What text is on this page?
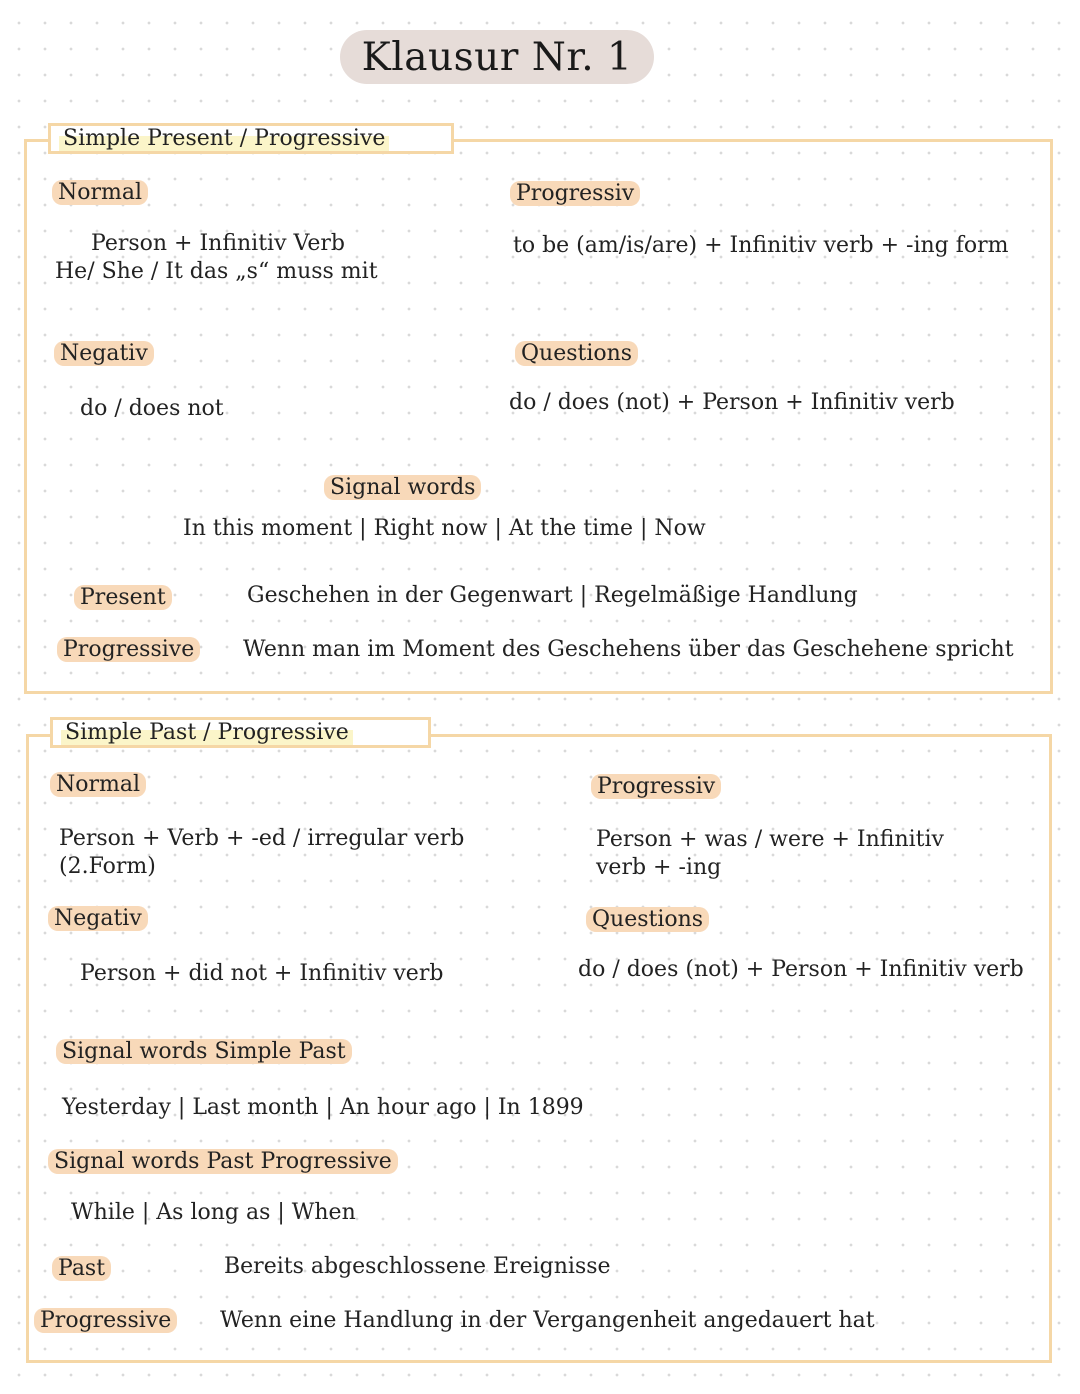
Klausur Nr. 1
Simple Present / Progressive
Normal
Person + Infinitiv Verb
He/ She / It das „s“ muss mit
Progressiv
to be (am/is/are) + Infinitiv verb + -ing form
Negativ
do / does not
Questions
do / does (not) + Person + Infinitiv verb
Signal words
In this moment | Right now | At the time | Now
Present	Geschehen in der Gegenwart | Regelmäßige Handlung
Progressive Wenn man im Moment des Geschehens über das Geschehene spricht
Simple Past / Progressive
Normal
Person + Verb + -ed / irregular verb
(2.Form)
Progressiv
Person + was / were + Infinitiv
verb + -ing
Negativ
Person + did not + Infinitiv verb
Questions
do / does (not) + Person + Infinitiv verb
Signal words Simple Past
Yesterday | Last month | An hour ago | In 1899
Signal words Past Progressive
While | As long as | When
Past	Bereits abgeschlossene Ereignisse
Progressive Wenn eine Handlung in der Vergangenheit angedauert hat
